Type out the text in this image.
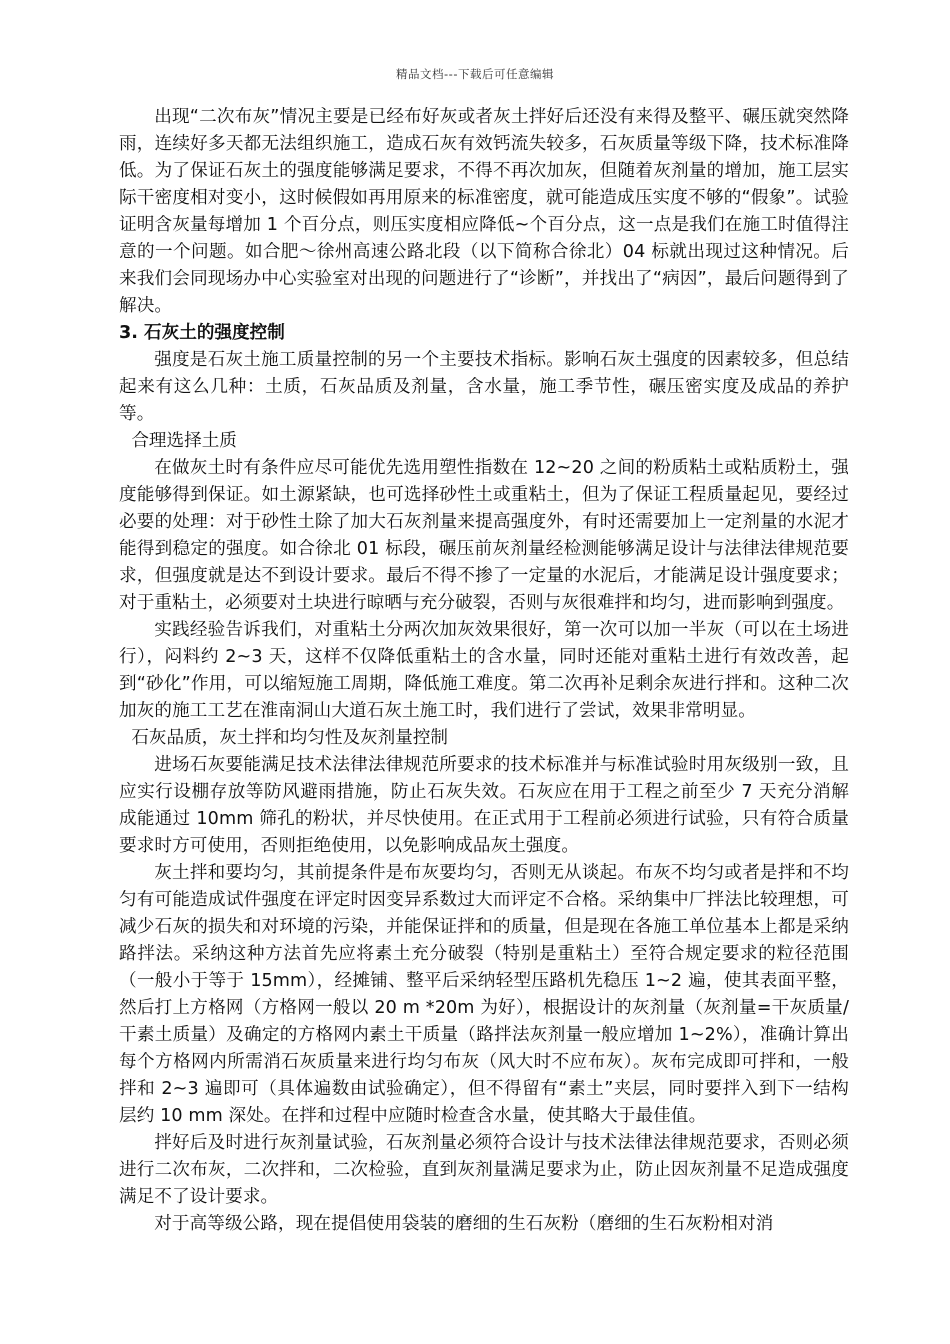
精品文档---下载后可任意编辑

出现“二次布灰”情况主要是已经布好灰或者灰土拌好后还没有来得及整平、碾压就突然降雨，连续好多天都无法组织施工，造成石灰有效钙流失较多，石灰质量等级下降，技术标准降低。为了保证石灰土的强度能够满足要求，不得不再次加灰，但随着灰剂量的增加，施工层实际干密度相对变小，这时候假如再用原来的标准密度，就可能造成压实度不够的“假象”。试验证明含灰量每增加 1 个百分点，则压实度相应降低~个百分点，这一点是我们在施工时值得注意的一个问题。如合肥～徐州高速公路北段（以下简称合徐北）04 标就出现过这种情况。后来我们会同现场办中心实验室对出现的问题进行了“诊断”，并找出了“病因”，最后问题得到了解决。

3. 石灰土的强度控制

强度是石灰土施工质量控制的另一个主要技术指标。影响石灰土强度的因素较多，但总结起来有这么几种：土质，石灰品质及剂量，含水量，施工季节性，碾压密实度及成品的养护等。

合理选择土质

在做灰土时有条件应尽可能优先选用塑性指数在 12~20 之间的粉质粘土或粘质粉土，强度能够得到保证。如土源紧缺，也可选择砂性土或重粘土，但为了保证工程质量起见，要经过必要的处理：对于砂性土除了加大石灰剂量来提高强度外，有时还需要加上一定剂量的水泥才能得到稳定的强度。如合徐北 01 标段，碾压前灰剂量经检测能够满足设计与法律法律规范要求，但强度就是达不到设计要求。最后不得不掺了一定量的水泥后，才能满足设计强度要求；对于重粘土，必须要对土块进行晾晒与充分破裂，否则与灰很难拌和均匀，进而影响到强度。

实践经验告诉我们，对重粘土分两次加灰效果很好，第一次可以加一半灰（可以在土场进行），闷料约 2~3 天，这样不仅降低重粘土的含水量，同时还能对重粘土进行有效改善，起到“砂化”作用，可以缩短施工周期，降低施工难度。第二次再补足剩余灰进行拌和。这种二次加灰的施工工艺在淮南洞山大道石灰土施工时，我们进行了尝试，效果非常明显。

石灰品质，灰土拌和均匀性及灰剂量控制

进场石灰要能满足技术法律法律规范所要求的技术标准并与标准试验时用灰级别一致，且应实行设棚存放等防风避雨措施，防止石灰失效。石灰应在用于工程之前至少 7 天充分消解成能通过 10mm 筛孔的粉状，并尽快使用。在正式用于工程前必须进行试验，只有符合质量要求时方可使用，否则拒绝使用，以免影响成品灰土强度。

灰土拌和要均匀，其前提条件是布灰要均匀，否则无从谈起。布灰不均匀或者是拌和不均匀有可能造成试件强度在评定时因变异系数过大而评定不合格。采纳集中厂拌法比较理想，可减少石灰的损失和对环境的污染，并能保证拌和的质量，但是现在各施工单位基本上都是采纳路拌法。采纳这种方法首先应将素土充分破裂（特别是重粘土）至符合规定要求的粒径范围（一般小于等于 15mm），经摊铺、整平后采纳轻型压路机先稳压 1~2 遍，使其表面平整，然后打上方格网（方格网一般以 20 m *20m 为好），根据设计的灰剂量（灰剂量=干灰质量/干素土质量）及确定的方格网内素土干质量（路拌法灰剂量一般应增加 1~2%），准确计算出每个方格网内所需消石灰质量来进行均匀布灰（风大时不应布灰）。灰布完成即可拌和，一般拌和 2~3 遍即可（具体遍数由试验确定），但不得留有“素土”夹层，同时要拌入到下一结构层约 10 mm 深处。在拌和过程中应随时检查含水量，使其略大于最佳值。

拌好后及时进行灰剂量试验，石灰剂量必须符合设计与技术法律法律规范要求，否则必须进行二次布灰，二次拌和，二次检验，直到灰剂量满足要求为止，防止因灰剂量不足造成强度满足不了设计要求。

对于高等级公路，现在提倡使用袋装的磨细的生石灰粉（磨细的生石灰粉相对消
